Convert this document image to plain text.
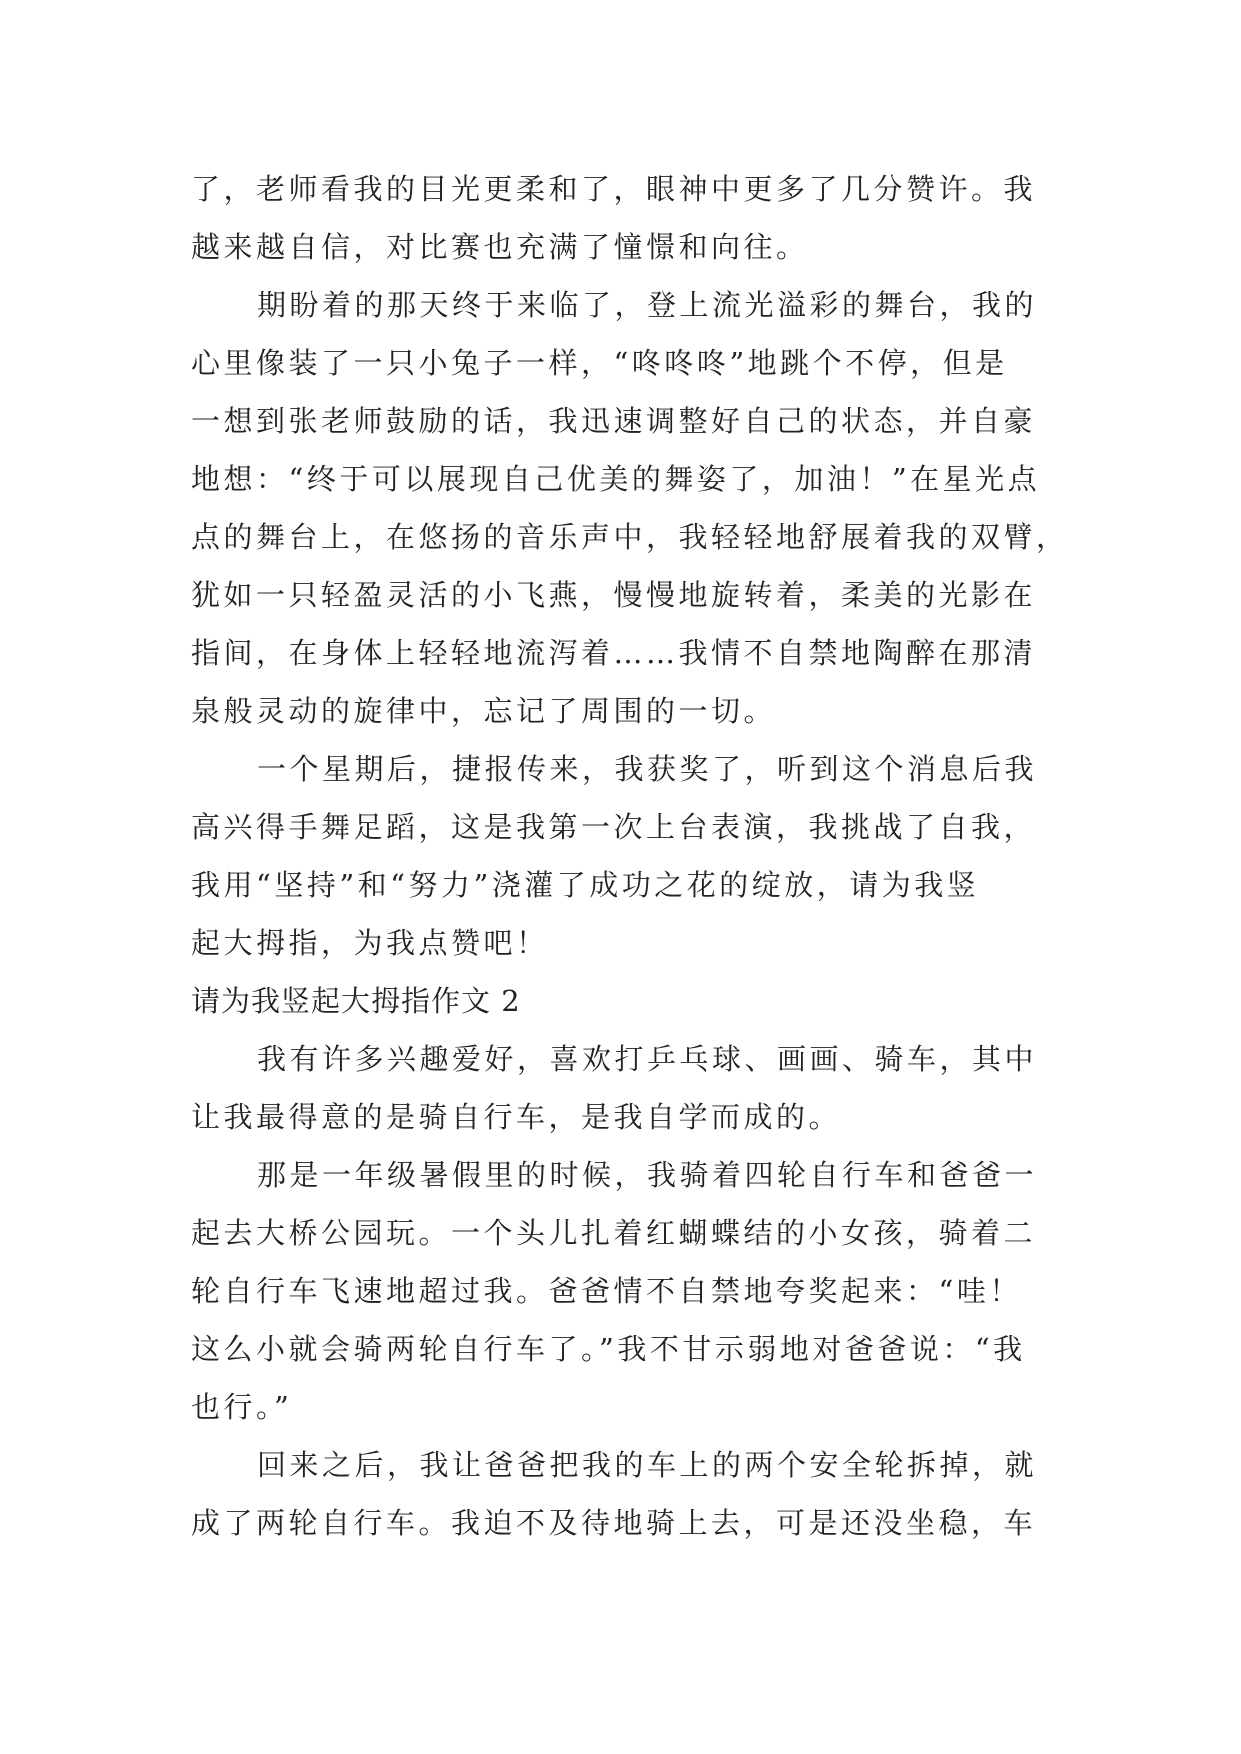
了，老师看我的目光更柔和了，眼神中更多了几分赞许。我
越来越自信，对比赛也充满了憧憬和向往。
期盼着的那天终于来临了，登上流光溢彩的舞台，我的
心里像装了一只小兔子一样，“咚咚咚”地跳个不停，但是
一想到张老师鼓励的话，我迅速调整好自己的状态，并自豪
地想：“终于可以展现自己优美的舞姿了，加油！”在星光点
点的舞台上，在悠扬的音乐声中，我轻轻地舒展着我的双臂，
犹如一只轻盈灵活的小飞燕，慢慢地旋转着，柔美的光影在
指间，在身体上轻轻地流泻着……我情不自禁地陶醉在那清
泉般灵动的旋律中，忘记了周围的一切。
一个星期后，捷报传来，我获奖了，听到这个消息后我
高兴得手舞足蹈，这是我第一次上台表演，我挑战了自我，
我用“坚持”和“努力”浇灌了成功之花的绽放，请为我竖
起大拇指，为我点赞吧！
请为我竖起大拇指作文 2
我有许多兴趣爱好，喜欢打乒乓球、画画、骑车，其中
让我最得意的是骑自行车，是我自学而成的。
那是一年级暑假里的时候，我骑着四轮自行车和爸爸一
起去大桥公园玩。一个头儿扎着红蝴蝶结的小女孩，骑着二
轮自行车飞速地超过我。爸爸情不自禁地夸奖起来：“哇！
这么小就会骑两轮自行车了。”我不甘示弱地对爸爸说：“我
也行。”
回来之后，我让爸爸把我的车上的两个安全轮拆掉，就
成了两轮自行车。我迫不及待地骑上去，可是还没坐稳，车
